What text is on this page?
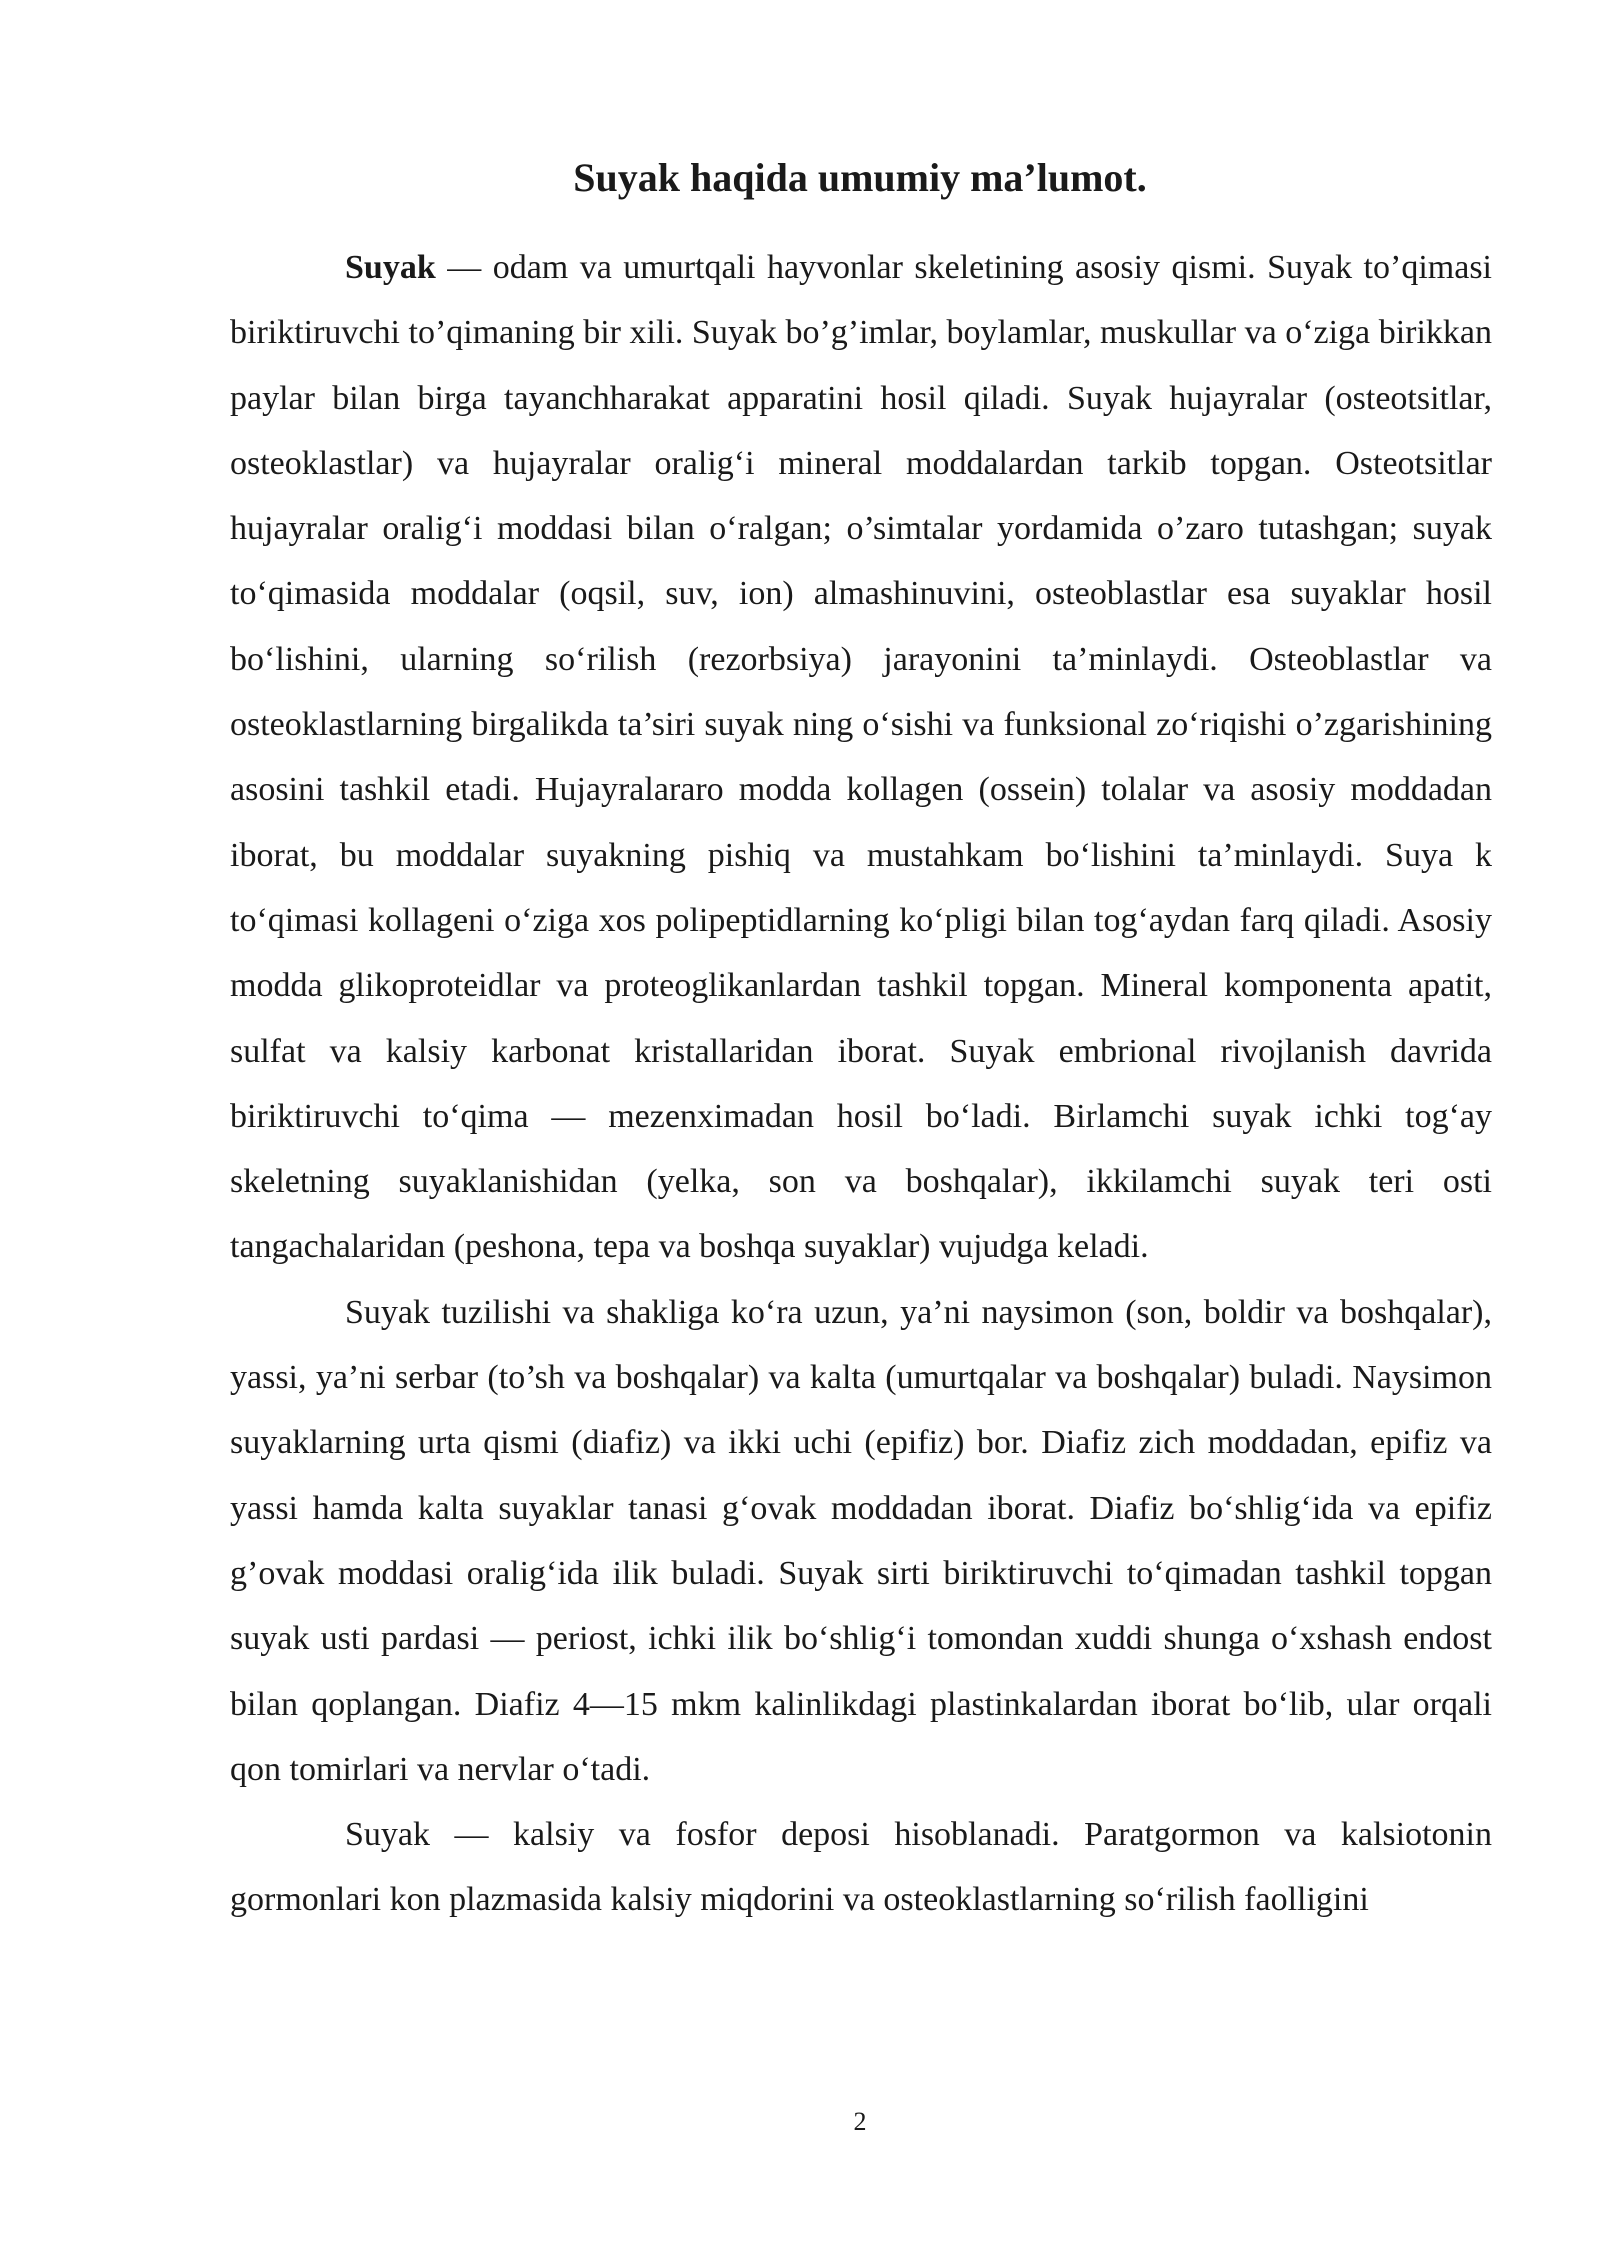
Suyak haqida umumiy ma’lumot.

Suyak — odam va umurtqali hayvonlar skeletining asosiy qismi. Suyak to’qimasi biriktiruvchi to’qimaning bir xili. Suyak bo’g’imlar, boylamlar, muskullar va o‘ziga birikkan paylar bilan birga tayanchharakat apparatini hosil qiladi. Suyak hujayralar (osteotsitlar, osteoklastlar) va hujayralar oralig‘i mineral moddalardan tarkib topgan. Osteotsitlar hujayralar oralig‘i moddasi bilan o‘ralgan; o’simtalar yordamida o’zaro tutashgan; suyak to‘qimasida moddalar (oqsil, suv, ion) almashinuvini, osteoblastlar esa suyaklar hosil bo‘lishini, ularning so‘rilish (rezorbsiya) jarayonini ta’minlaydi. Osteoblastlar va osteoklastlarning birgalikda ta’siri suyak ning o‘sishi va funksional zo‘riqishi o’zgarishining asosini tashkil etadi. Hujayralararo modda kollagen (ossein) tolalar va asosiy moddadan iborat, bu moddalar suyakning pishiq va mustahkam bo‘lishini ta’minlaydi. Suya k to‘qimasi kollageni o‘ziga xos polipeptidlarning ko‘pligi bilan tog‘aydan farq qiladi. Asosiy modda glikoproteidlar va proteoglikanlardan tashkil topgan. Mineral komponenta apatit, sulfat va kalsiy karbonat kristallaridan iborat. Suyak embrional rivojlanish davrida biriktiruvchi to‘qima — mezenximadan hosil bo‘ladi. Birlamchi suyak ichki tog‘ay skeletning suyaklanishidan (yelka, son va boshqalar), ikkilamchi suyak teri osti tangachalaridan (peshona, tepa va boshqa suyaklar) vujudga keladi.

Suyak tuzilishi va shakliga ko‘ra uzun, ya’ni naysimon (son, boldir va boshqalar), yassi, ya’ni serbar (to’sh va boshqalar) va kalta (umurtqalar va boshqalar) buladi. Naysimon suyaklarning urta qismi (diafiz) va ikki uchi (epifiz) bor. Diafiz zich moddadan, epifiz va yassi hamda kalta suyaklar tanasi g‘ovak moddadan iborat. Diafiz bo‘shlig‘ida va epifiz g’ovak moddasi oralig‘ida ilik buladi. Suyak sirti biriktiruvchi to‘qimadan tashkil topgan suyak usti pardasi — periost, ichki ilik bo‘shlig‘i tomondan xuddi shunga o‘xshash endost bilan qoplangan. Diafiz 4—15 mkm kalinlikdagi plastinkalardan iborat bo‘lib, ular orqali qon tomirlari va nervlar o‘tadi.

Suyak — kalsiy va fosfor deposi hisoblanadi. Paratgormon va kalsiotonin gormonlari kon plazmasida kalsiy miqdorini va osteoklastlarning so‘rilish faolligini

2
